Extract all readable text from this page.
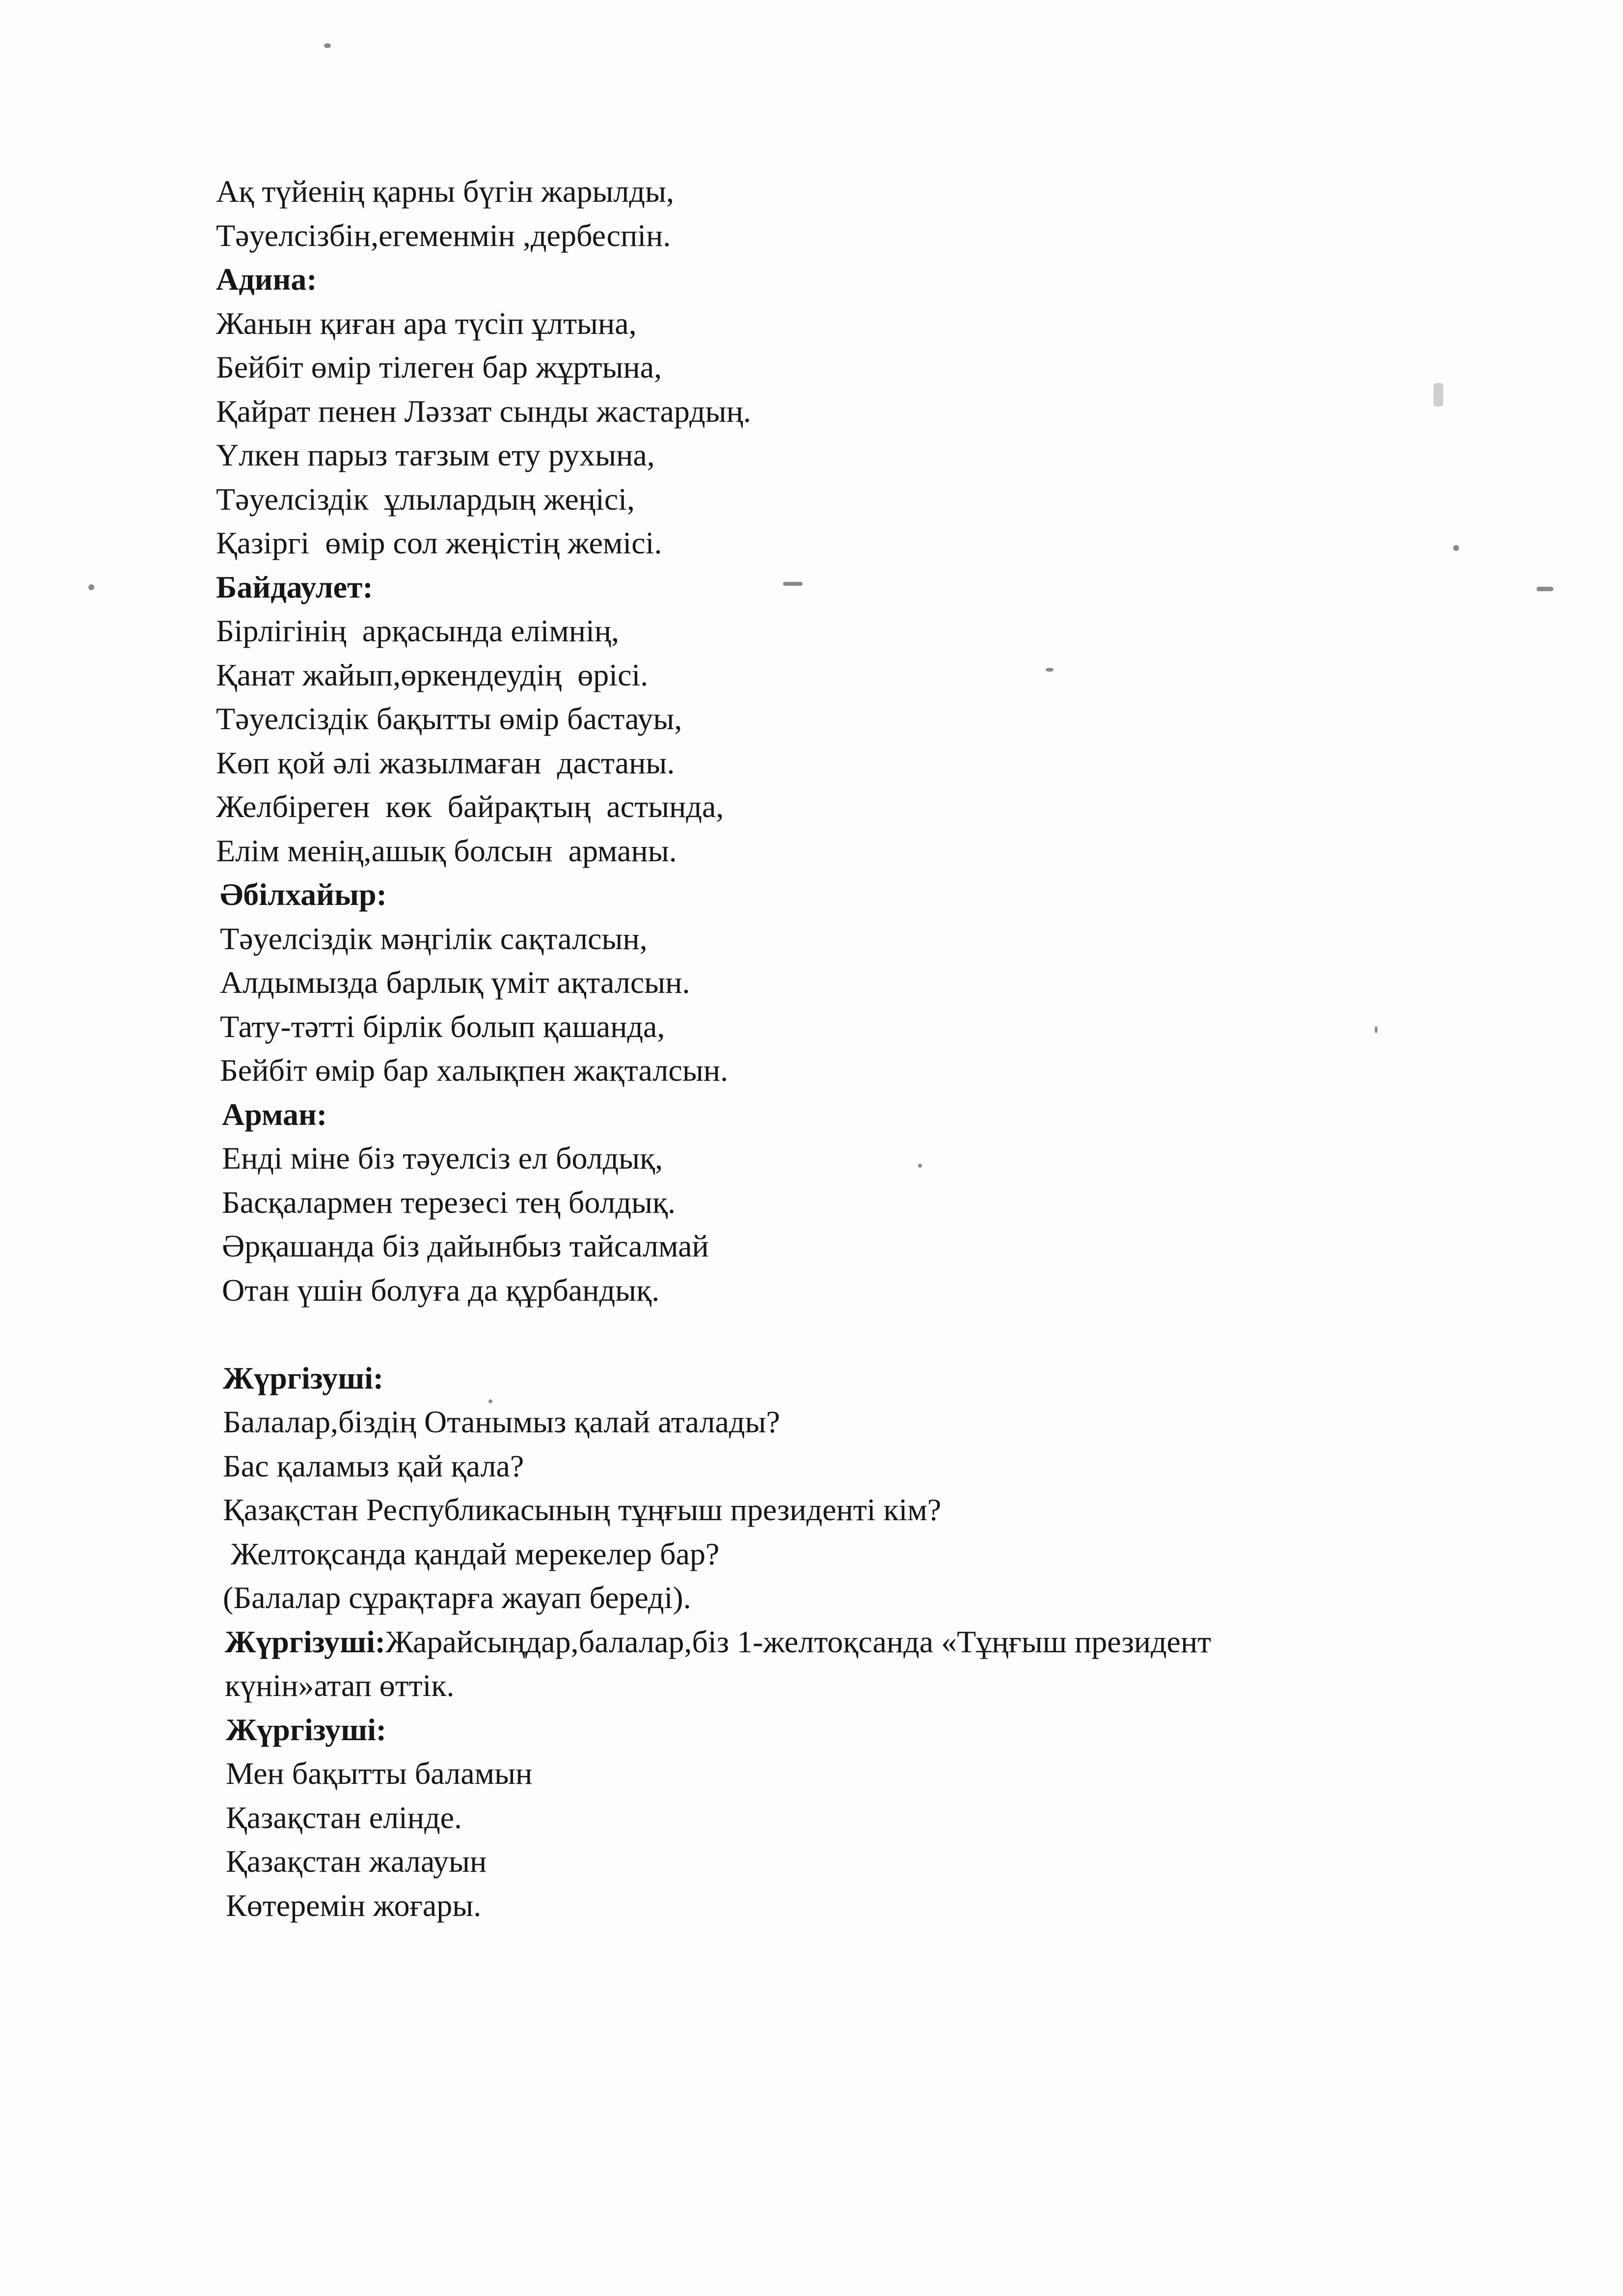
Ақ түйенің қарны бүгін жарылды,
Тәуелсізбін,егеменмін ,дербеспін.
Адина:
Жанын қиған ара түсіп ұлтына,
Бейбіт өмір тілеген бар жұртына,
Қайрат пенен Ләззат сынды жастардың.
Үлкен парыз тағзым ету рухына,
Тәуелсіздік  ұлылардың жеңісі,
Қазіргі  өмір сол жеңістің жемісі.
Байдаулет:
Бірлігінің  арқасында елімнің,
Қанат жайып,өркендеудің  өрісі.
Тәуелсіздік бақытты өмір бастауы,
Көп қой әлі жазылмаған  дастаны.
Желбіреген  көк  байрақтың  астында,
Елім менің,ашық болсын  арманы.
Әбілхайыр:
Тәуелсіздік мәңгілік сақталсын,
Алдымызда барлық үміт ақталсын.
Тату-тәтті бірлік болып қашанда,
Бейбіт өмір бар халықпен жақталсын.
Арман:
Енді міне біз тәуелсіз ел болдық,
Басқалармен терезесі тең болдық.
Әрқашанда біз дайынбыз тайсалмай
Отан үшін болуға да құрбандық.
Жүргізуші:
Балалар,біздің Отанымыз қалай аталады?
Бас қаламыз қай қала?
Қазақстан Республикасының тұңғыш президенті кім?
Желтоқсанда қандай мерекелер бар?
(Балалар сұрақтарға жауап береді).
Жүргізуші:Жарайсыңдар,балалар,біз 1-желтоқсанда «Тұңғыш президент
күнін»атап өттік.
Жүргізуші:
Мен бақытты баламын
Қазақстан елінде.
Қазақстан жалауын
Көтеремін жоғары.
